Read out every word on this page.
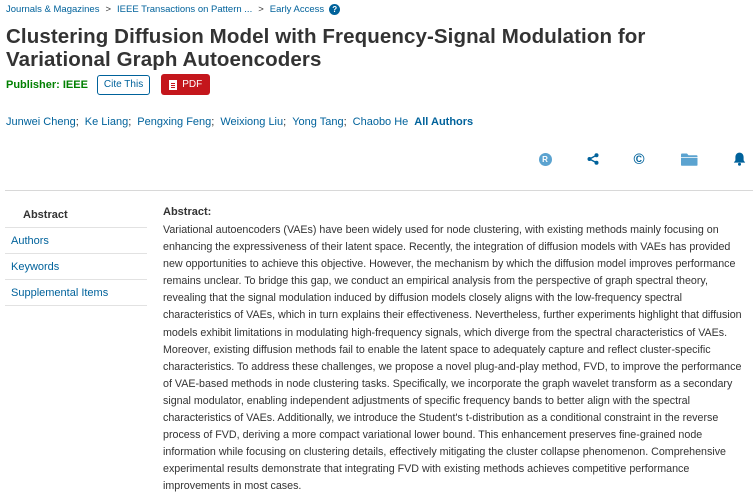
Journals & Magazines > IEEE Transactions on Pattern ... > Early Access	?
Clustering Diffusion Model with Frequency-Signal Modulation for Variational Graph Autoencoders
Publisher: IEEE	Cite This	PDF
Junwei Cheng ; Ke Liang ; Pengxing Feng ; Weixiong Liu ; Yong Tang ; Chaobo He All Authors
R	©
Abstract
Authors
Keywords
Supplemental Items
Abstract:

Variational autoencoders (VAEs) have been widely used for node clustering, with existing methods mainly focusing on enhancing the expressiveness of their latent space. Recently, the integration of diffusion models with VAEs has provided new opportunities to achieve this objective. However, the mechanism by which the diffusion model improves performance remains unclear. To bridge this gap, we conduct an empirical analysis from the perspective of graph spectral theory, revealing that the signal modulation induced by diffusion models closely aligns with the low-frequency spectral characteristics of VAEs, which in turn explains their effectiveness. Nevertheless, further experiments highlight that diffusion models exhibit limitations in modulating high-frequency signals, which diverge from the spectral characteristics of VAEs. Moreover, existing diffusion methods fail to enable the latent space to adequately capture and reflect cluster-specific characteristics. To address these challenges, we propose a novel plug-and-play method, FVD, to improve the performance of VAE-based methods in node clustering tasks. Specifically, we incorporate the graph wavelet transform as a secondary signal modulator, enabling independent adjustments of specific frequency bands to better align with the spectral characteristics of VAEs. Additionally, we introduce the Student's t-distribution as a conditional constraint in the reverse process of FVD, deriving a more compact variational lower bound. This enhancement preserves fine-grained node information while focusing on clustering details, effectively mitigating the cluster collapse phenomenon. Comprehensive experimental results demonstrate that integrating FVD with existing methods achieves competitive performance improvements in most cases.
